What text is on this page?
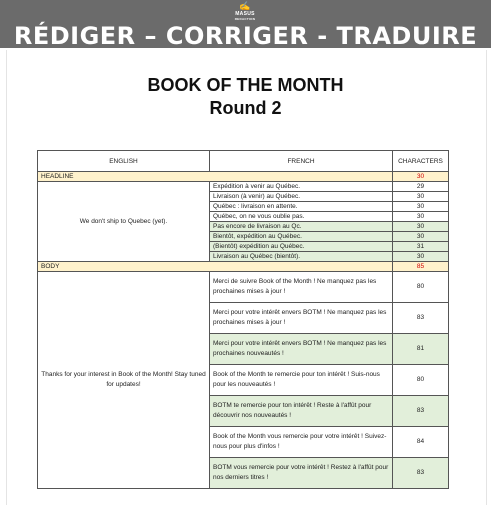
✍
MASUS
REDACTION
RÉDIGER – CORRIGER - TRADUIRE
BOOK OF THE MONTH
Round 2
ENGLISH	FRENCH	CHARACTERS
HEADLINE		30
We don't ship to Quebec (yet).	Expédition à venir au Québec.	29
	Livraison (à venir) au Québec.	30
	Québec : livraison en attente.	30
	Québec, on ne vous oublie pas.	30
	Pas encore de livraison au Qc.	30
	Bientôt, expédition au Québec.	30
	(Bientôt) expédition au Québec.	31
	Livraison au Québec (bientôt).	30
BODY		85
Thanks for your interest in Book of the Month! Stay tuned for updates!	Merci de suivre Book of the Month ! Ne manquez pas les prochaines mises à jour !	80
	Merci pour votre intérêt envers BOTM ! Ne manquez pas les prochaines mises à jour !	83
	Merci pour votre intérêt envers BOTM ! Ne manquez pas les prochaines nouveautés !	81
	Book of the Month te remercie pour ton intérêt ! Suis-nous pour les nouveautés !	80
	BOTM te remercie pour ton intérêt ! Reste à l'affût pour découvrir nos nouveautés !	83
	Book of the Month vous remercie pour votre intérêt ! Suivez-nous pour plus d'infos !	84
	BOTM vous remercie pour votre intérêt ! Restez à l'affût pour nos derniers titres !	83
